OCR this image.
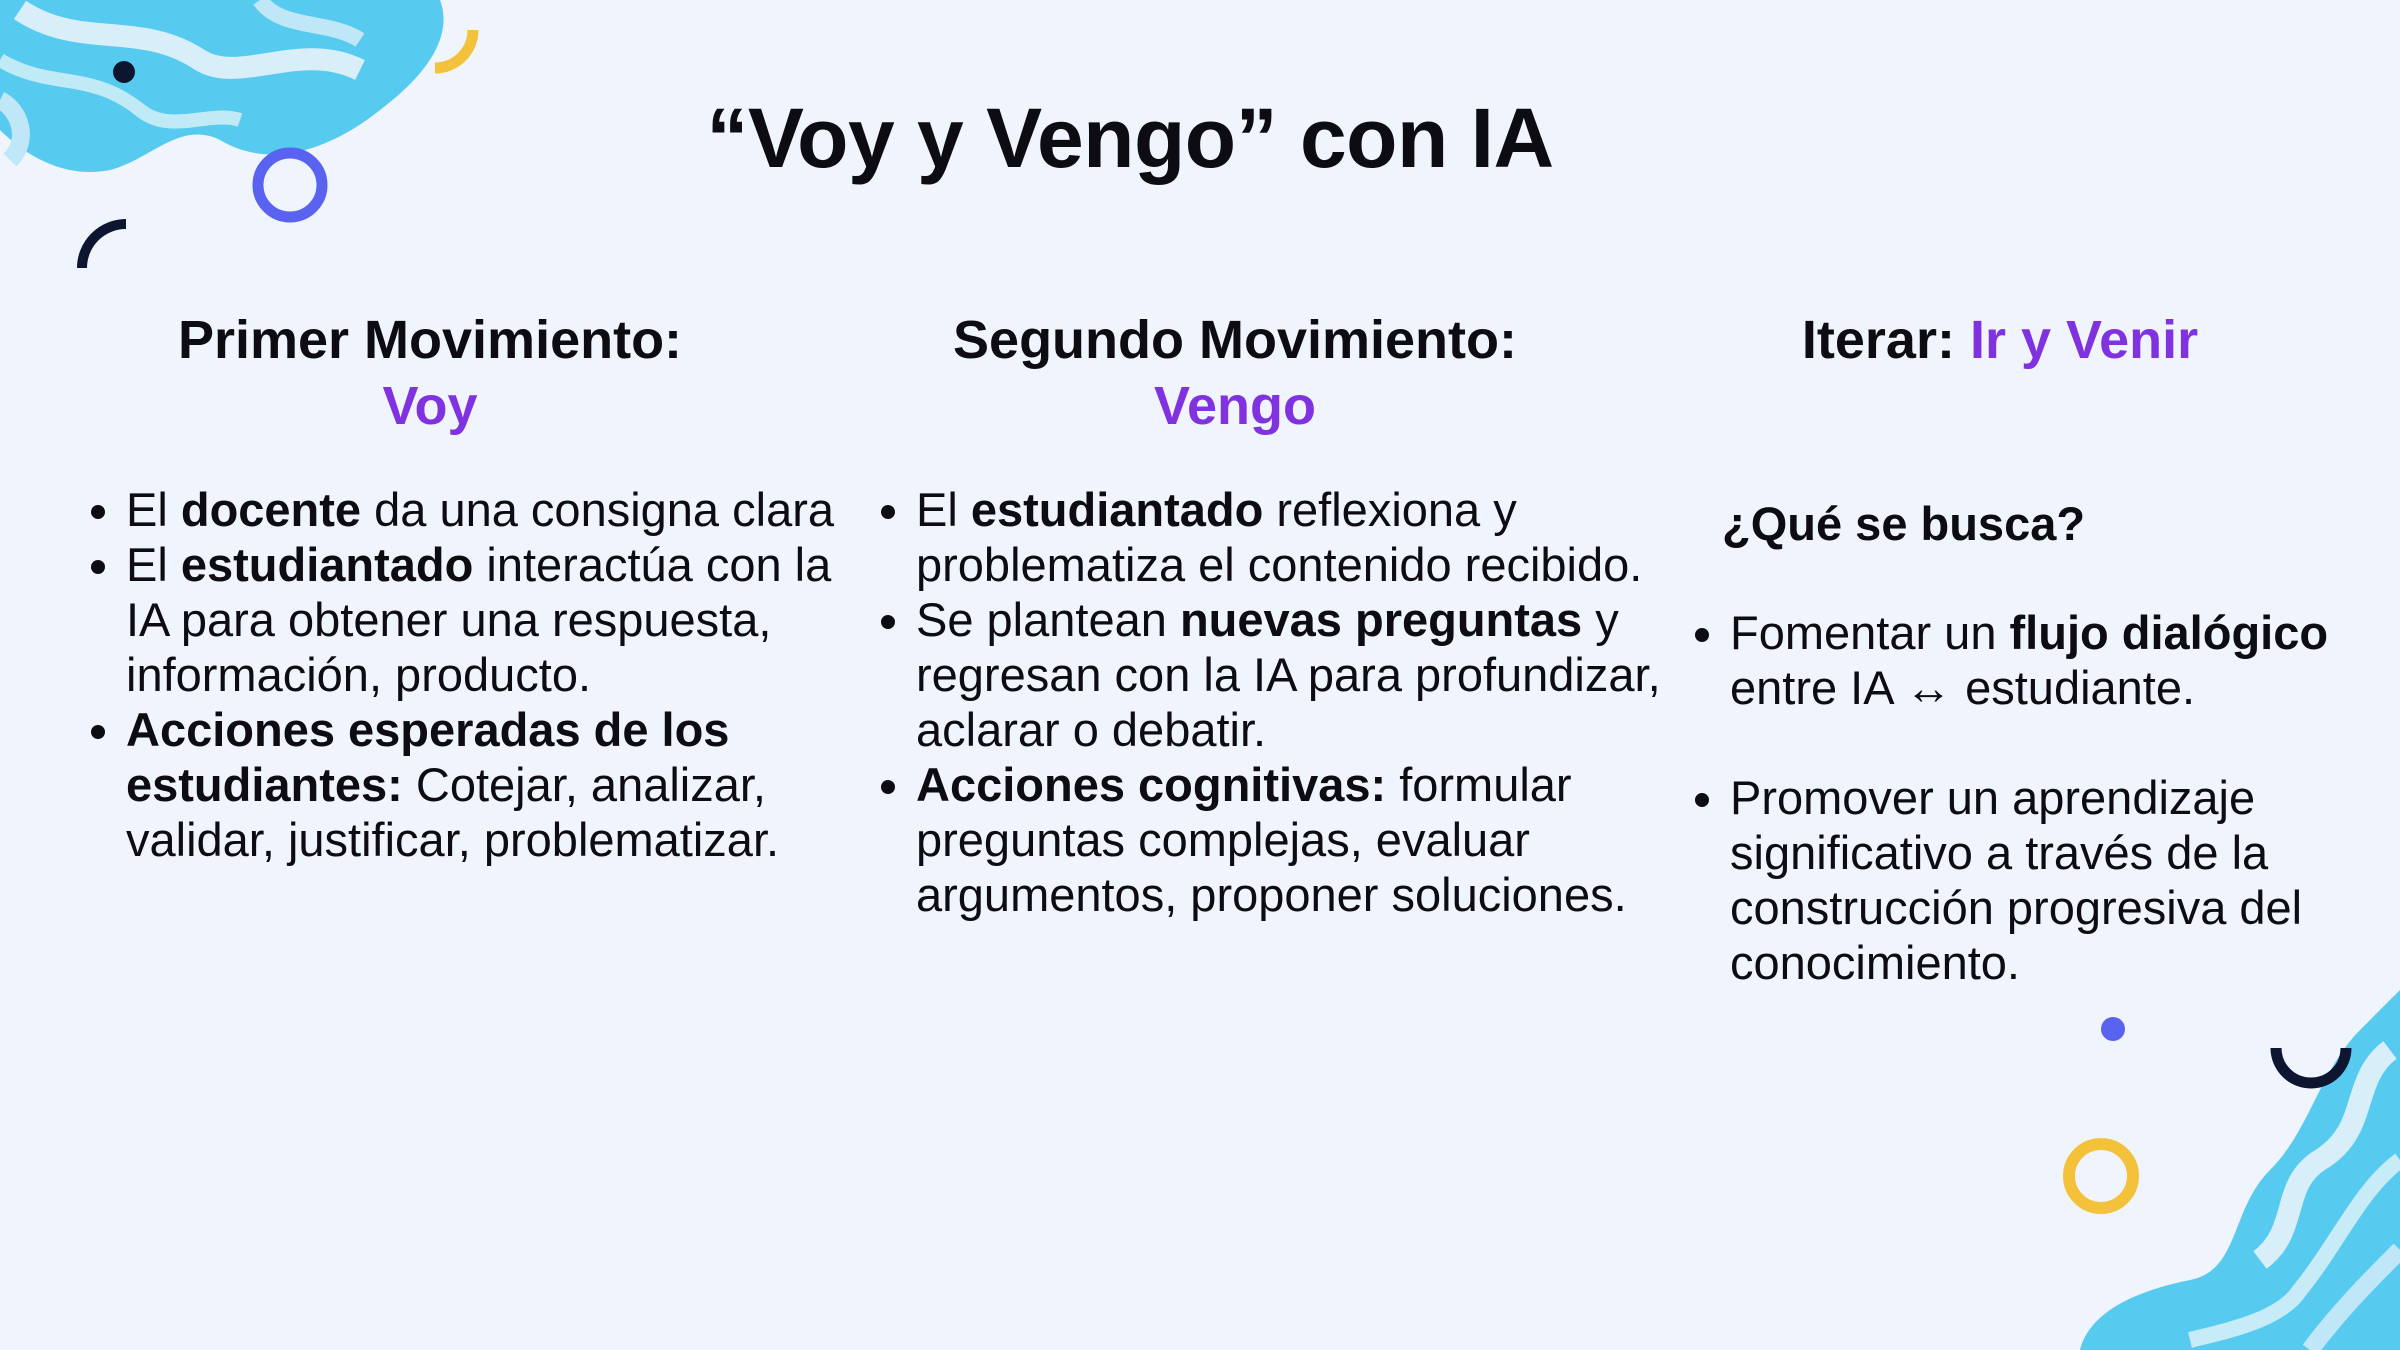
“Voy y Vengo” con IA
Primer Movimiento:
Voy
• El docente da una consigna clara
• El estudiantado interactúa con la IA para obtener una respuesta, información, producto.
• Acciones esperadas de los estudiantes: Cotejar, analizar, validar, justificar, problematizar.
Segundo Movimiento:
Vengo
• El estudiantado reflexiona y problematiza el contenido recibido.
• Se plantean nuevas preguntas y regresan con la IA para profundizar, aclarar o debatir.
• Acciones cognitivas: formular preguntas complejas, evaluar argumentos, proponer soluciones.
Iterar: Ir y Venir
¿Qué se busca?
• Fomentar un flujo dialógico entre IA ↔ estudiante.
• Promover un aprendizaje significativo a través de la construcción progresiva del conocimiento.
